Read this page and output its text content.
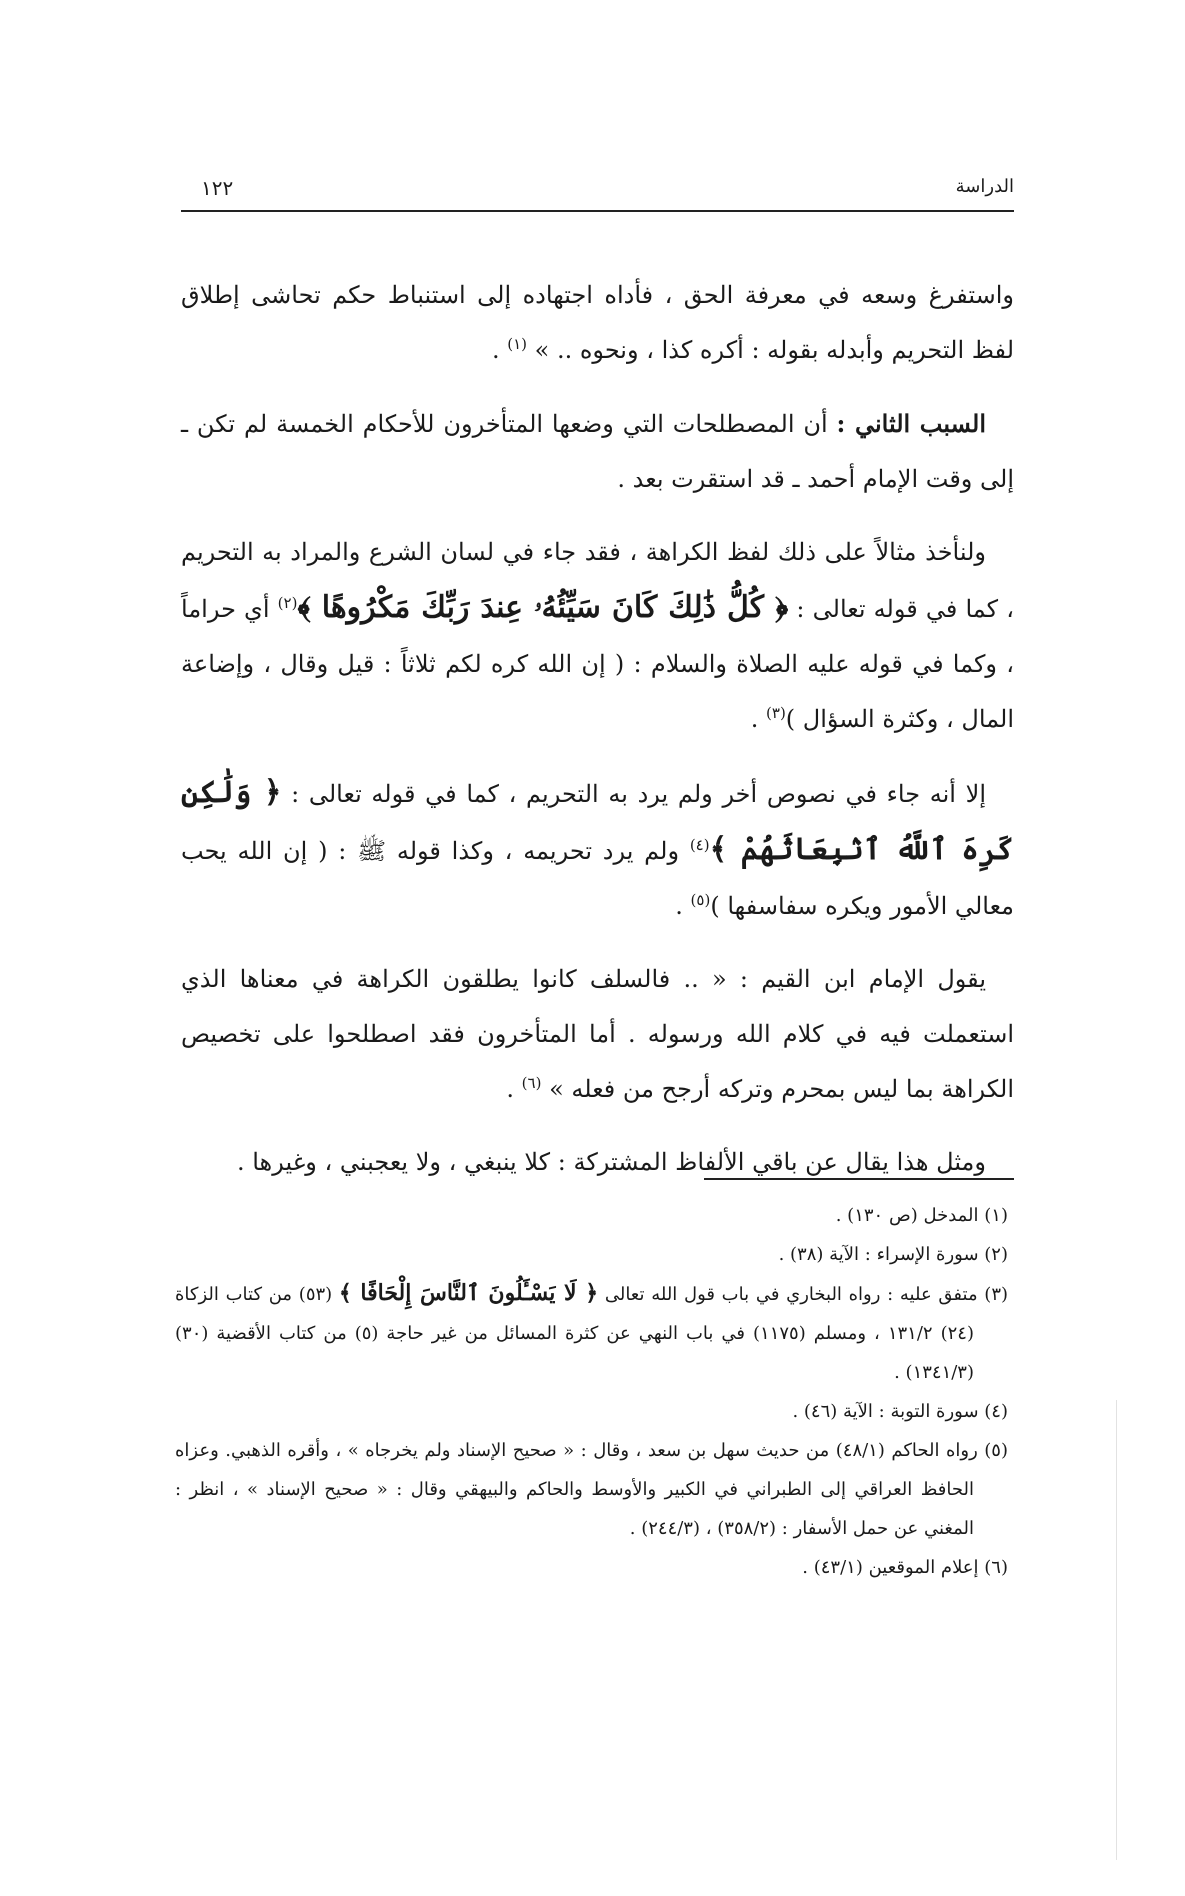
الدراسة
١٢٢

واستفرغ وسعه في معرفة الحق ، فأداه اجتهاده إلى استنباط حكم تحاشى إطلاق لفظ التحريم وأبدله بقوله : أكره كذا ، ونحوه .. » $^{(١)}$ .

السبب الثاني : أن المصطلحات التي وضعها المتأخرون للأحكام الخمسة لم تكن ـ إلى وقت الإمام أحمد ـ قد استقرت بعد .

ولنأخذ مثالاً على ذلك لفظ الكراهة ، فقد جاء في لسان الشرع والمراد به التحريم ، كما في قوله تعالى : ﴿ كُلُّ ذَٰلِكَ كَانَ سَيِّئُهُۥ عِندَ رَبِّكَ مَكْرُوهًا ﴾$^{(٢)}$ أي حراماً ، وكما في قوله عليه الصلاة والسلام : ( إن الله كره لكم ثلاثاً : قيل وقال ، وإضاعة المال ، وكثرة السؤال )$^{(٣)}$ .

إلا أنه جاء في نصوص أخر ولم يرد به التحريم ، كما في قوله تعالى : ﴿ وَلَٰكِن كَرِهَ ٱللَّهُ ٱنۢبِعَاثَهُمْ ﴾$^{(٤)}$ ولم يرد تحريمه ، وكذا قوله ﷺ : ( إن الله يحب معالي الأمور ويكره سفاسفها )$^{(٥)}$ .

يقول الإمام ابن القيم : « .. فالسلف كانوا يطلقون الكراهة في معناها الذي استعملت فيه في كلام الله ورسوله . أما المتأخرون فقد اصطلحوا على تخصيص الكراهة بما ليس بمحرم وتركه أرجح من فعله » $^{(٦)}$ .

ومثل هذا يقال عن باقي الألفاظ المشتركة : كلا ينبغي ، ولا يعجبني ، وغيرها .

(١) المدخل (ص ١٣٠) .

(٢) سورة الإسراء : الآية (٣٨) .

(٣) متفق عليه : رواه البخاري في باب قول الله تعالى ﴿ لَا يَسْـَٔلُونَ ٱلنَّاسَ إِلْحَافًا ﴾ (٥٣) من كتاب الزكاة (٢٤) ١٣١/٢ ، ومسلم (١١٧٥) في باب النهي عن كثرة المسائل من غير حاجة (٥) من كتاب الأقضية (٣٠) (١٣٤١/٣) .

(٤) سورة التوبة : الآية (٤٦) .

(٥) رواه الحاكم (٤٨/١) من حديث سهل بن سعد ، وقال : « صحيح الإسناد ولم يخرجاه » ، وأقره الذهبي. وعزاه الحافظ العراقي إلى الطبراني في الكبير والأوسط والحاكم والبيهقي وقال : « صحيح الإسناد » ، انظر : المغني عن حمل الأسفار : (٣٥٨/٢) ، (٢٤٤/٣) .

(٦) إعلام الموقعين (٤٣/١) .
